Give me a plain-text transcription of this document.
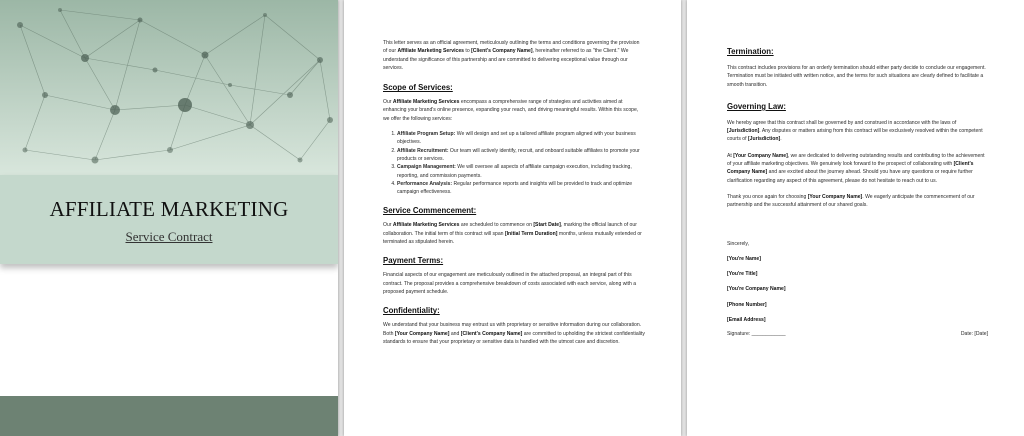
AFFILIATE MARKETING
Service Contract

This letter serves as an official agreement, meticulously outlining the terms and conditions governing the provision of our Affiliate Marketing Services to [Client's Company Name], hereinafter referred to as "the Client." We understand the significance of this partnership and are committed to delivering exceptional value through our services.

Scope of Services:

Our Affiliate Marketing Services encompass a comprehensive range of strategies and activities aimed at enhancing your brand's online presence, expanding your reach, and driving meaningful results. Within this scope, we offer the following services:

1. Affiliate Program Setup: We will design and set up a tailored affiliate program aligned with your business objectives.
2. Affiliate Recruitment: Our team will actively identify, recruit, and onboard suitable affiliates to promote your products or services.
3. Campaign Management: We will oversee all aspects of affiliate campaign execution, including tracking, reporting, and commission payments.
4. Performance Analysis: Regular performance reports and insights will be provided to track and optimize campaign effectiveness.

Service Commencement:

Our Affiliate Marketing Services are scheduled to commence on [Start Date], marking the official launch of our collaboration. The initial term of this contract will span [Initial Term Duration] months, unless mutually extended or terminated as stipulated herein.

Payment Terms:

Financial aspects of our engagement are meticulously outlined in the attached proposal, an integral part of this contract. The proposal provides a comprehensive breakdown of costs associated with each service, along with a proposed payment schedule.

Confidentiality:

We understand that your business may entrust us with proprietary or sensitive information during our collaboration. Both [Your Company Name] and [Client's Company Name] are committed to upholding the strictest confidentiality standards to ensure that your proprietary or sensitive data is handled with the utmost care and discretion.

Termination:

This contract includes provisions for an orderly termination should either party decide to conclude our engagement. Termination must be initiated with written notice, and the terms for such situations are clearly defined to facilitate a smooth transition.

Governing Law:

We hereby agree that this contract shall be governed by and construed in accordance with the laws of [Jurisdiction]. Any disputes or matters arising from this contract will be exclusively resolved within the competent courts of [Jurisdiction].

At [Your Company Name], we are dedicated to delivering outstanding results and contributing to the achievement of your affiliate marketing objectives. We genuinely look forward to the prospect of collaborating with [Client's Company Name] and are excited about the journey ahead. Should you have any questions or require further clarification regarding any aspect of this agreement, please do not hesitate to reach out to us.

Thank you once again for choosing [Your Company Name]. We eagerly anticipate the commencement of our partnership and the successful attainment of our shared goals.

Sincerely,

[You're Name]

[You're Title]

[You're Company Name]

[Phone Number]

[Email Address]

Signature: ____________	Date: [Date]
